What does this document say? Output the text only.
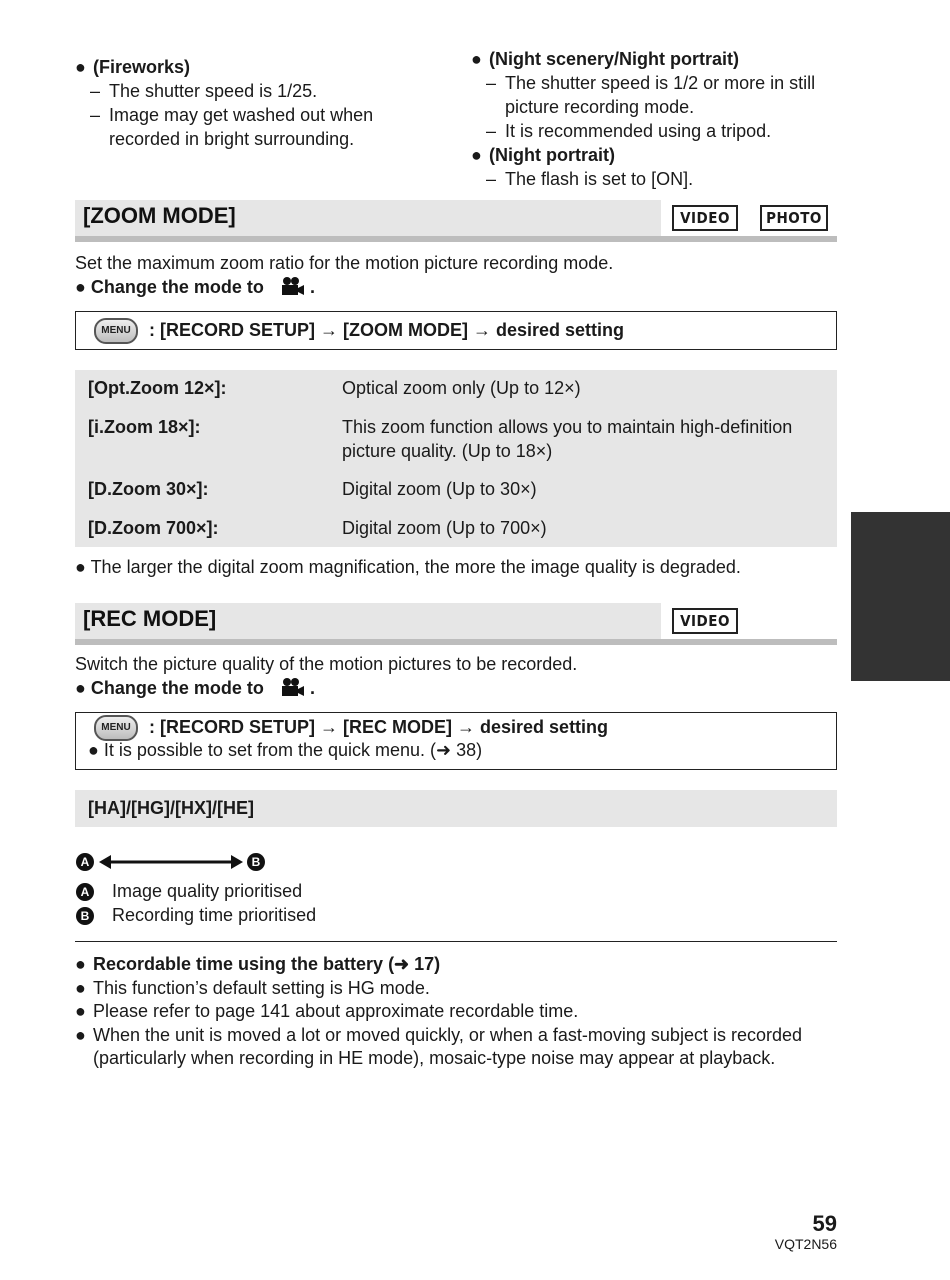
● (Fireworks)
– The shutter speed is 1/25.
– Image may get washed out when
recorded in bright surrounding.
● (Night scenery/Night portrait)
– The shutter speed is 1/2 or more in still
picture recording mode.
– It is recommended using a tripod.
● (Night portrait)
– The flash is set to [ON].
[ZOOM MODE]	VIDEO	PHOTO
Set the maximum zoom ratio for the motion picture recording mode.
● Change the mode to	.
MENU : [RECORD SETUP] → [ZOOM MODE] → desired setting
[Opt.Zoom 12×]:	Optical zoom only (Up to 12×)
[i.Zoom 18×]:	This zoom function allows you to maintain high-definition
picture quality. (Up to 18×)
[D.Zoom 30×]:	Digital zoom (Up to 30×)
[D.Zoom 700×]:	Digital zoom (Up to 700×)
● The larger the digital zoom magnification, the more the image quality is degraded.
[REC MODE]	VIDEO
Switch the picture quality of the motion pictures to be recorded.
● Change the mode to	.
MENU : [RECORD SETUP] → [REC MODE] → desired setting
● It is possible to set from the quick menu. (➜ 38)
[HA]/[HG]/[HX]/[HE]
A	B
A Image quality prioritised
B Recording time prioritised
● Recordable time using the battery (➜ 17)
● This function’s default setting is HG mode.
● Please refer to page 141 about approximate recordable time.
● When the unit is moved a lot or moved quickly, or when a fast-moving subject is recorded
(particularly when recording in HE mode), mosaic-type noise may appear at playback.
59
VQT2N56
